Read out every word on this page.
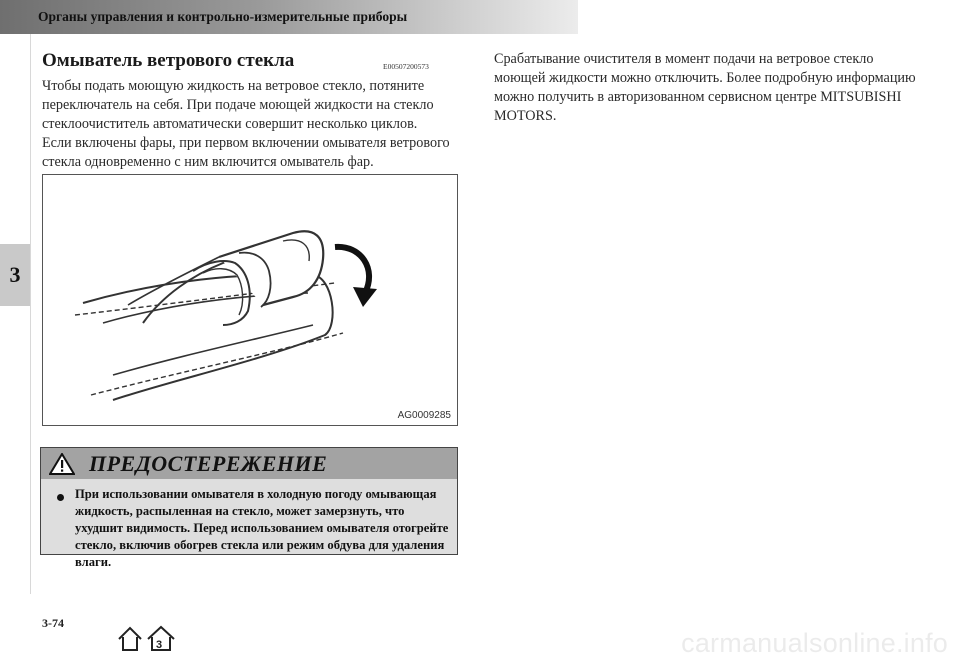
Органы управления и контрольно-измерительные приборы
3
Омыватель ветрового стекла	E00507200573

Чтобы подать моющую жидкость на ветровое стекло, потяните переключатель на себя. При подаче моющей жидкости на стекло стеклоочиститель автоматически совершит несколько циклов.

Если включены фары, при первом включении омывателя ветрового стекла одновременно с ним включится омыватель фар.

Срабатывание очистителя в момент подачи на ветровое стекло моющей жидкости можно отключить. Более подробную информацию можно получить в авторизованном сервисном центре MITSUBISHI MOTORS.

AG0009285
ПРЕДОСТЕРЕЖЕНИЕ
При использовании омывателя в холодную погоду омывающая жидкость, распыленная на стекло, может замерзнуть, что ухудшит видимость. Перед использованием омывателя отогрейте стекло, включив обогрев стекла или режим обдува для удаления влаги.
3-74
3	carmanualsonline.info
